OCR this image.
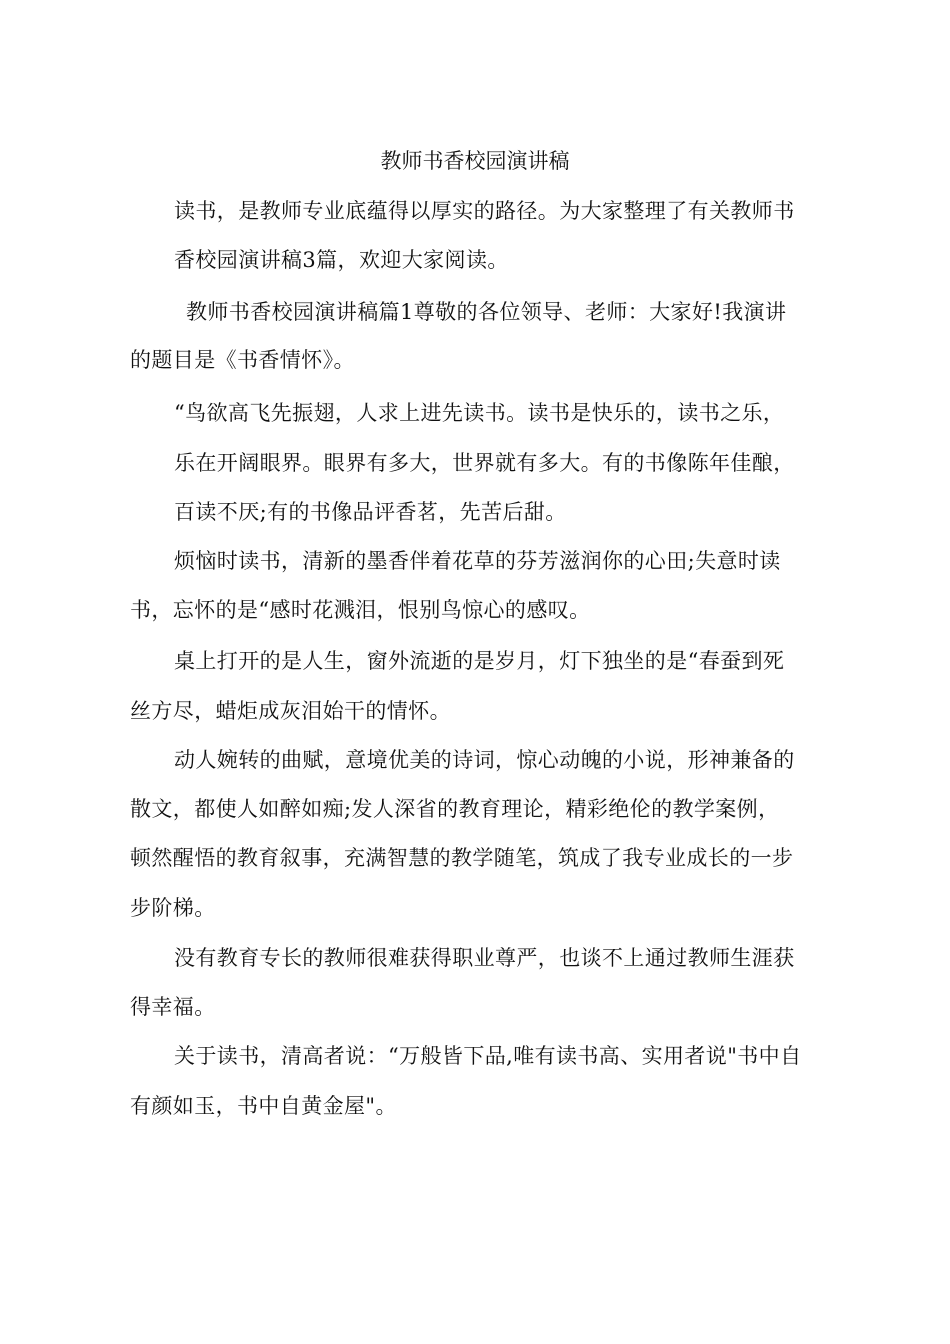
教师书香校园演讲稿
读书，是教师专业底蕴得以厚实的路径。为大家整理了有关教师书
香校园演讲稿3篇，欢迎大家阅读。
教师书香校园演讲稿篇1尊敬的各位领导、老师：大家好!我演讲
的题目是《书香情怀》。
“鸟欲高飞先振翅，人求上进先读书。读书是快乐的，读书之乐，
乐在开阔眼界。眼界有多大，世界就有多大。有的书像陈年佳酿，
百读不厌;有的书像品评香茗，先苦后甜。
烦恼时读书，清新的墨香伴着花草的芬芳滋润你的心田;失意时读
书，忘怀的是“感时花溅泪，恨别鸟惊心的感叹。
桌上打开的是人生，窗外流逝的是岁月，灯下独坐的是“春蚕到死
丝方尽，蜡炬成灰泪始干的情怀。
动人婉转的曲赋，意境优美的诗词，惊心动魄的小说，形神兼备的
散文，都使人如醉如痴;发人深省的教育理论，精彩绝伦的教学案例，
顿然醒悟的教育叙事，充满智慧的教学随笔，筑成了我专业成长的一步
步阶梯。
没有教育专长的教师很难获得职业尊严，也谈不上通过教师生涯获
得幸福。
关于读书，清高者说：“万般皆下品,唯有读书高、实用者说"书中自
有颜如玉，书中自黄金屋"。
